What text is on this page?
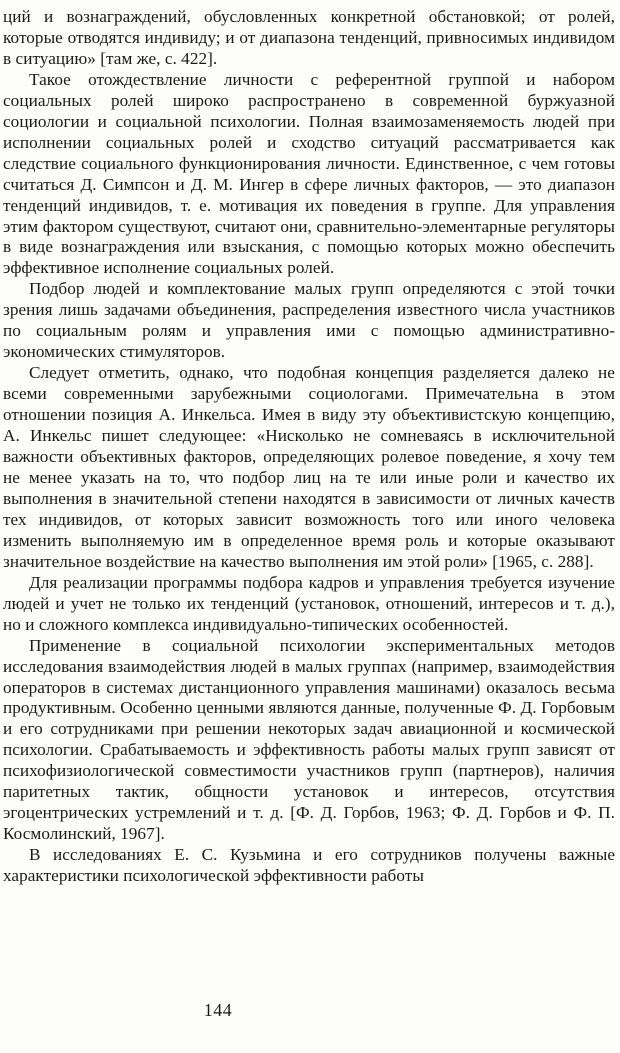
ций и вознаграждений, обусловленных конкретной обстановкой; от ролей, которые отводятся индивиду; и от диапазона тенденций, привносимых индивидом в ситуацию» [там же, с. 422].

Такое отождествление личности с референтной группой и набором социальных ролей широко распространено в современной буржуазной социологии и социальной психологии. Полная взаимозаменяемость людей при исполнении социальных ролей и сходство ситуаций рассматривается как следствие социального функционирования личности. Единственное, с чем готовы считаться Д. Симпсон и Д. М. Ингер в сфере личных факторов, — это диапазон тенденций индивидов, т. е. мотивация их поведения в группе. Для управления этим фактором существуют, считают они, сравнительно-элементарные регуляторы в виде вознаграждения или взыскания, с помощью которых можно обеспечить эффективное исполнение социальных ролей.

Подбор людей и комплектование малых групп определяются с этой точки зрения лишь задачами объединения, распределения известного числа участников по социальным ролям и управления ими с помощью административно-экономических стимуляторов.

Следует отметить, однако, что подобная концепция разделяется далеко не всеми современными зарубежными социологами. Примечательна в этом отношении позиция А. Инкельса. Имея в виду эту объективистскую концепцию, А. Инкельс пишет следующее: «Нисколько не сомневаясь в исключительной важности объективных факторов, определяющих ролевое поведение, я хочу тем не менее указать на то, что подбор лиц на те или иные роли и качество их выполнения в значительной степени находятся в зависимости от личных качеств тех индивидов, от которых зависит возможность того или иного человека изменить выполняемую им в определенное время роль и которые оказывают значительное воздействие на качество выполнения им этой роли» [1965, с. 288].

Для реализации программы подбора кадров и управления требуется изучение людей и учет не только их тенденций (установок, отношений, интересов и т. д.), но и сложного комплекса индивидуально-типических особенностей.

Применение в социальной психологии экспериментальных методов исследования взаимодействия людей в малых группах (например, взаимодействия операторов в системах дистанционного управления машинами) оказалось весьма продуктивным. Особенно ценными являются данные, полученные Ф. Д. Горбовым и его сотрудниками при решении некоторых задач авиационной и космической психологии. Срабатываемость и эффективность работы малых групп зависят от психофизиологической совместимости участников групп (партнеров), наличия паритетных тактик, общности установок и интересов, отсутствия эгоцентрических устремлений и т. д. [Ф. Д. Горбов, 1963; Ф. Д. Горбов и Ф. П. Космолинский, 1967].

В исследованиях Е. С. Кузьмина и его сотрудников получены важные характеристики психологической эффективности работы

144
